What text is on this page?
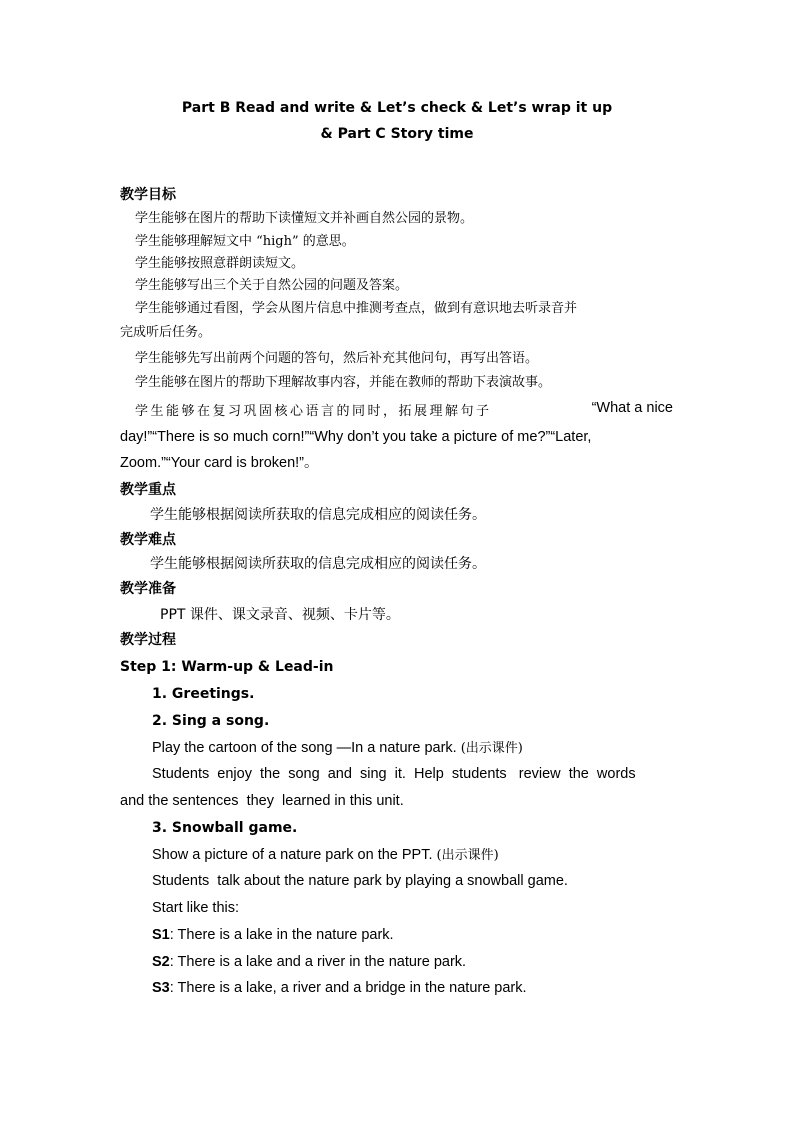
Part B Read and write & Let’s check & Let’s wrap it up
& Part C Story time
教学目标
学生能够在图片的帮助下读懂短文并补画自然公园的景物。
学生能够理解短文中 “high” 的意思。
学生能够按照意群朗读短文。
学生能够写出三个关于自然公园的问题及答案。
学生能够通过看图，学会从图片信息中推测考查点，做到有意识地去听录音并
完成听后任务。
学生能够先写出前两个问题的答句，然后补充其他问句，再写出答语。
学生能够在图片的帮助下理解故事内容，并能在教师的帮助下表演故事。
学生能够在复习巩固核心语言的同时，拓展理解句子	“What a nice
day!”“There is so much corn!”“Why don’t you take a picture of me?”“Later,
Zoom.”“Your card is broken!”。
教学重点
学生能够根据阅读所获取的信息完成相应的阅读任务。
教学难点
学生能够根据阅读所获取的信息完成相应的阅读任务。
教学准备
PPT 课件、课文录音、视频、卡片等。
教学过程
Step 1: Warm-up & Lead-in
1. Greetings.
2. Sing a song.
Play the cartoon of the song —In a nature park. (出示课件)
Students  enjoy  the  song  and  sing  it.  Help  students   review  the  words
and the sentences  they  learned in this unit.
3. Snowball game.
Show a picture of a nature park on the PPT. (出示课件)
Students  talk about the nature park by playing a snowball game.
Start like this:
S1: There is a lake in the nature park.
S2: There is a lake and a river in the nature park.
S3: There is a lake, a river and a bridge in the nature park.
